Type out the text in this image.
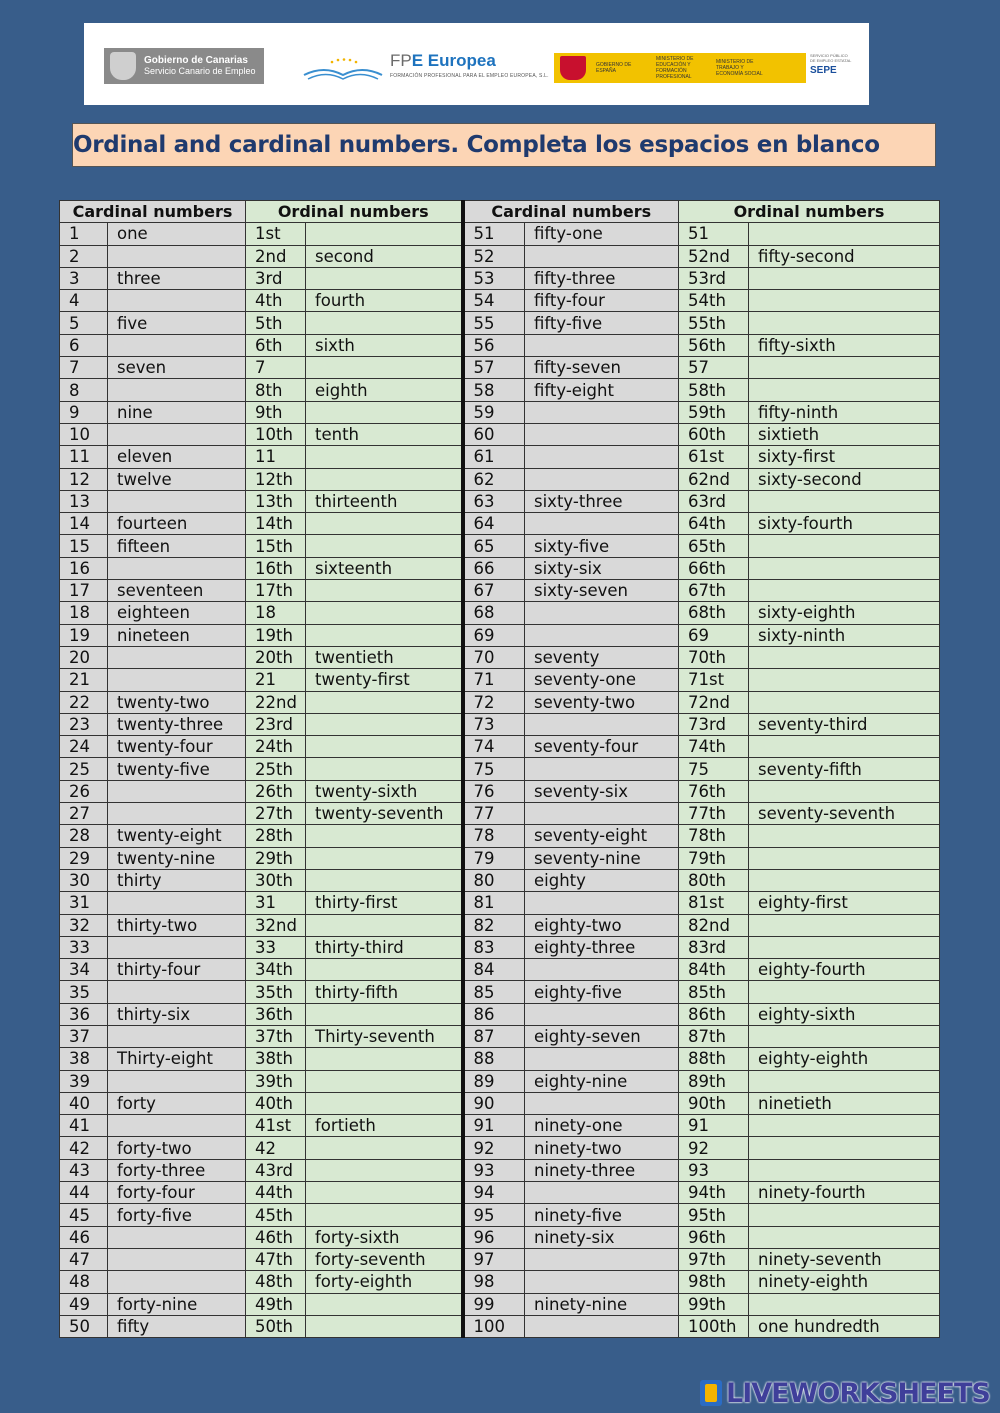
Gobierno de Canarias
Servicio Canario de Empleo
FPE Europea
FORMACIÓN PROFESIONAL PARA EL EMPLEO EUROPEA, S.L.
GOBIERNO DE ESPAÑA
MINISTERIO DE EDUCACIÓN Y FORMACIÓN PROFESIONAL
MINISTERIO DE TRABAJO Y ECONOMÍA SOCIAL
SERVICIO PÚBLICO DE EMPLEO ESTATAL
SEPE
Ordinal and cardinal numbers. Completa los espacios en blanco
Cardinal numbers		Ordinal numbers		Cardinal numbers		Ordinal numbers	
1	one	1st		51	fifty-one	51	
2		2nd	second	52		52nd	fifty-second
3	three	3rd		53	fifty-three	53rd	
4		4th	fourth	54	fifty-four	54th	
5	five	5th		55	fifty-five	55th	
6		6th	sixth	56		56th	fifty-sixth
7	seven	7		57	fifty-seven	57	
8		8th	eighth	58	fifty-eight	58th	
9	nine	9th		59		59th	fifty-ninth
10		10th	tenth	60		60th	sixtieth
11	eleven	11		61		61st	sixty-first
12	twelve	12th		62		62nd	sixty-second
13		13th	thirteenth	63	sixty-three	63rd	
14	fourteen	14th		64		64th	sixty-fourth
15	fifteen	15th		65	sixty-five	65th	
16		16th	sixteenth	66	sixty-six	66th	
17	seventeen	17th		67	sixty-seven	67th	
18	eighteen	18		68		68th	sixty-eighth
19	nineteen	19th		69		69	sixty-ninth
20		20th	twentieth	70	seventy	70th	
21		21	twenty-first	71	seventy-one	71st	
22	twenty-two	22nd		72	seventy-two	72nd	
23	twenty-three	23rd		73		73rd	seventy-third
24	twenty-four	24th		74	seventy-four	74th	
25	twenty-five	25th		75		75	seventy-fifth
26		26th	twenty-sixth	76	seventy-six	76th	
27		27th	twenty-seventh	77		77th	seventy-seventh
28	twenty-eight	28th		78	seventy-eight	78th	
29	twenty-nine	29th		79	seventy-nine	79th	
30	thirty	30th		80	eighty	80th	
31		31	thirty-first	81		81st	eighty-first
32	thirty-two	32nd		82	eighty-two	82nd	
33		33	thirty-third	83	eighty-three	83rd	
34	thirty-four	34th		84		84th	eighty-fourth
35		35th	thirty-fifth	85	eighty-five	85th	
36	thirty-six	36th		86		86th	eighty-sixth
37		37th	Thirty-seventh	87	eighty-seven	87th	
38	Thirty-eight	38th		88		88th	eighty-eighth
39		39th		89	eighty-nine	89th	
40	forty	40th		90		90th	ninetieth
41		41st	fortieth	91	ninety-one	91	
42	forty-two	42		92	ninety-two	92	
43	forty-three	43rd		93	ninety-three	93	
44	forty-four	44th		94		94th	ninety-fourth
45	forty-five	45th		95	ninety-five	95th	
46		46th	forty-sixth	96	ninety-six	96th	
47		47th	forty-seventh	97		97th	ninety-seventh
48		48th	forty-eighth	98		98th	ninety-eighth
49	forty-nine	49th		99	ninety-nine	99th	
50	fifty	50th		100		100th	one hundredth
LIVEWORKSHEETS
